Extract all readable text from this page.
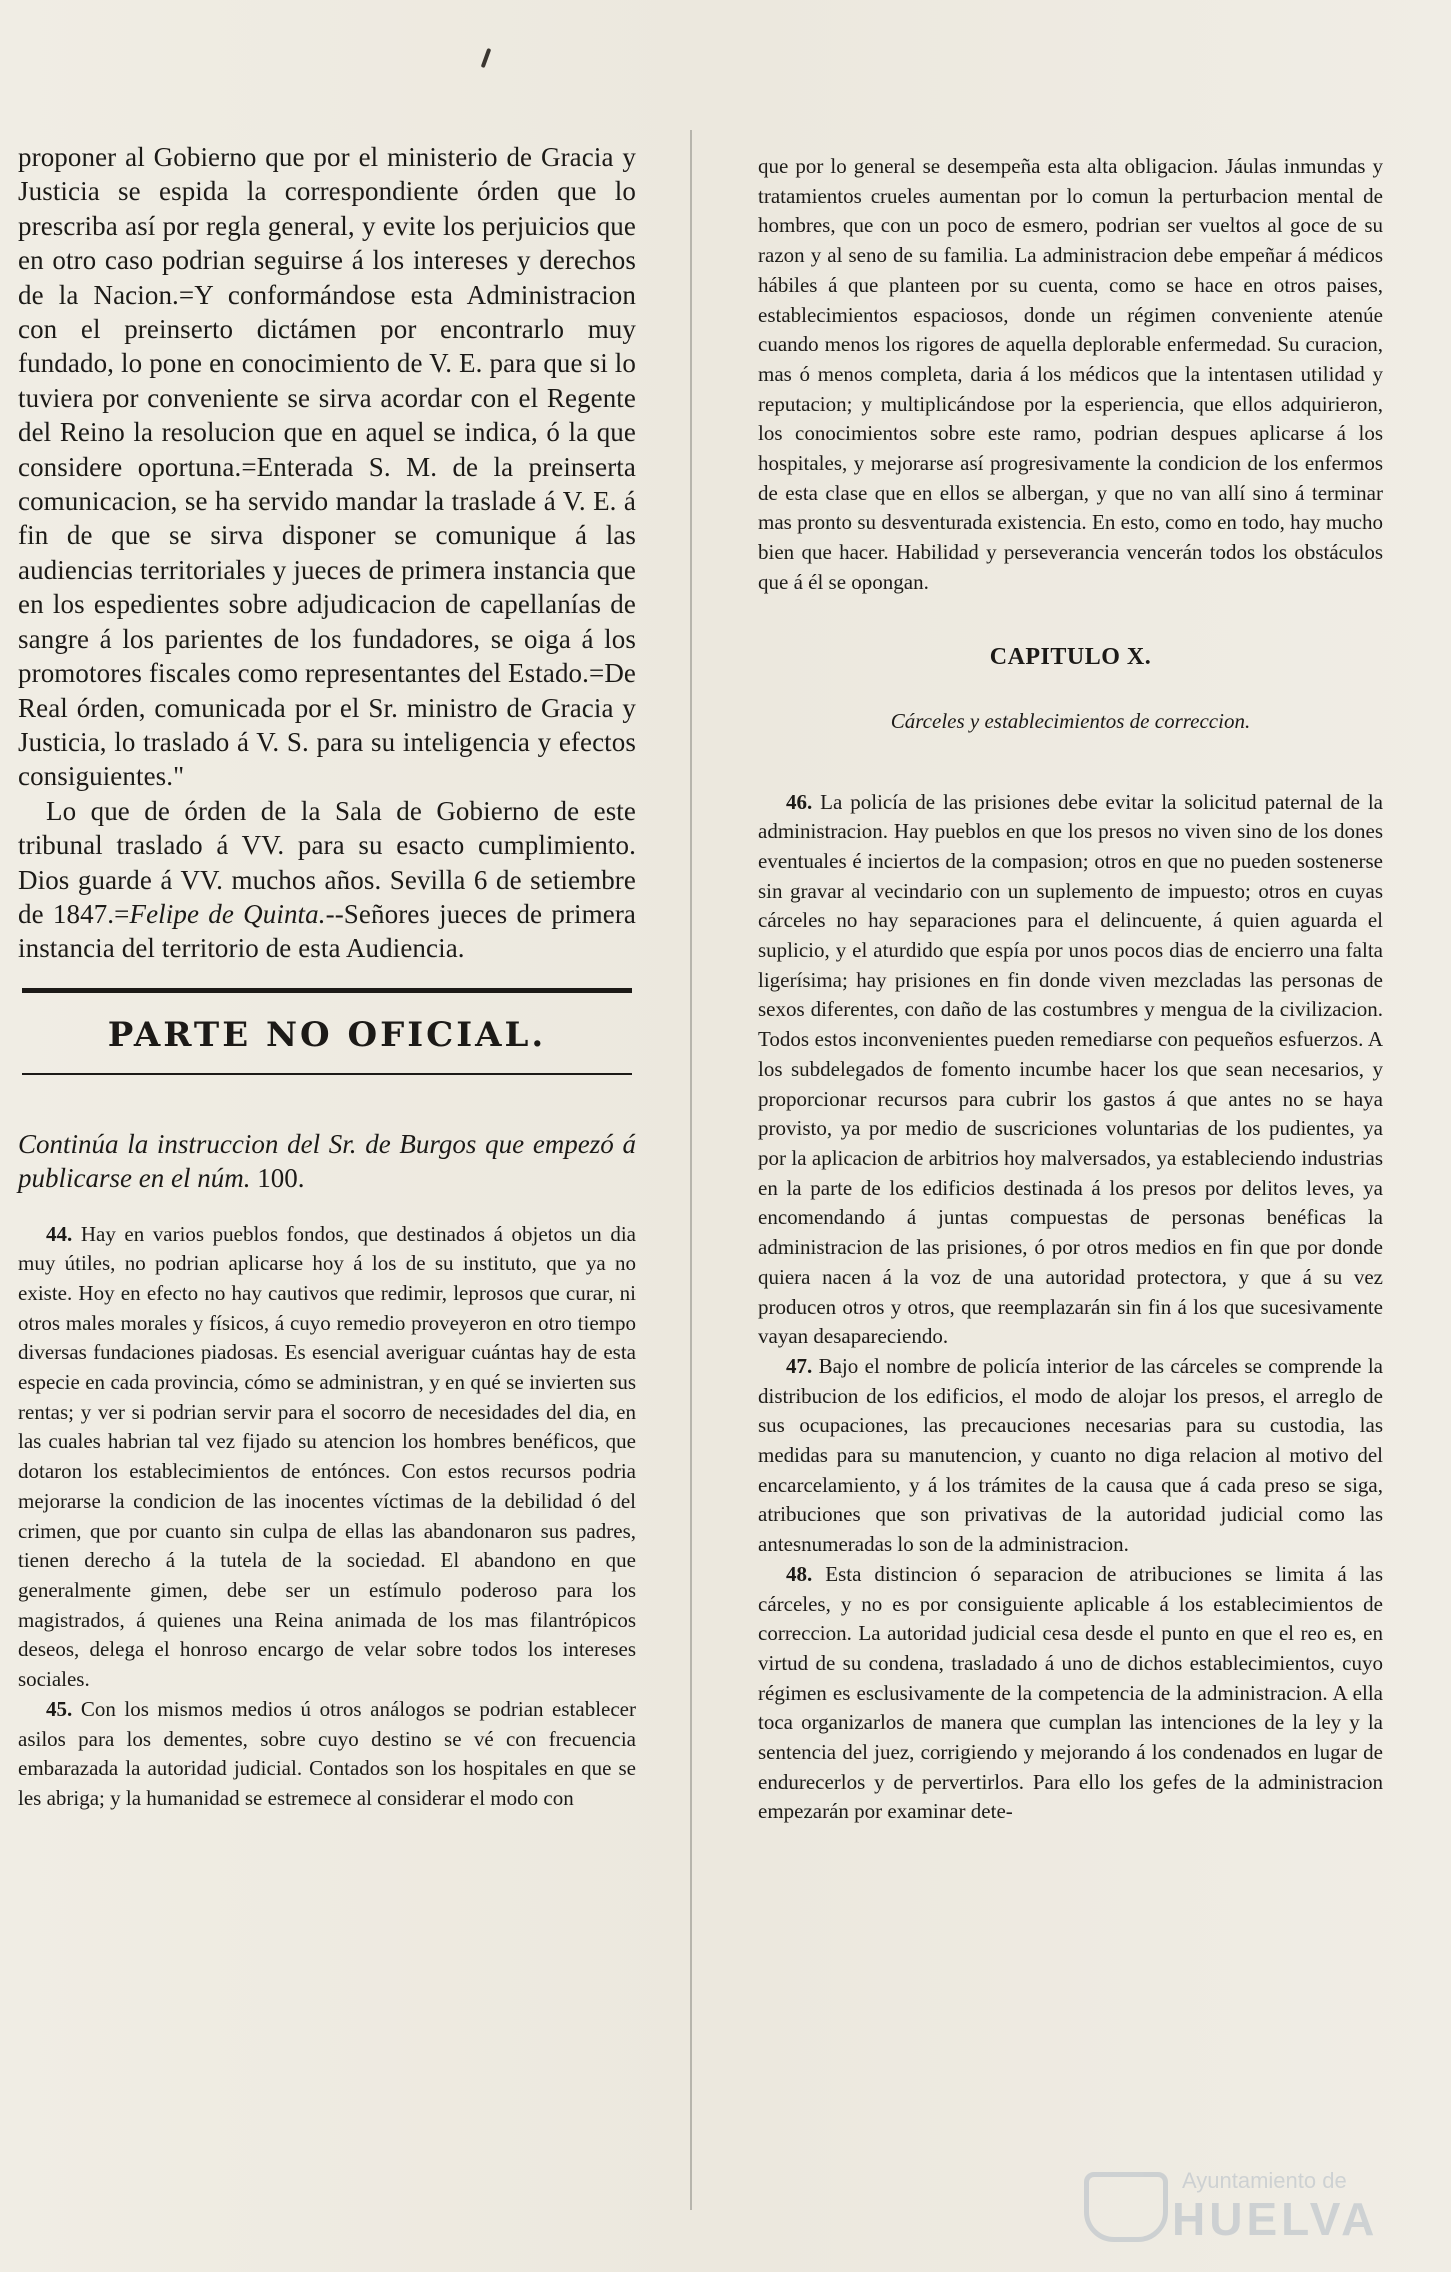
proponer al Gobierno que por el ministerio de Gracia y Justicia se espida la correspondiente órden que lo prescriba así por regla general, y evite los perjuicios que en otro caso podrian seguirse á los intereses y derechos de la Nacion.=Y conformándose esta Administracion con el preinserto dictámen por encontrarlo muy fundado, lo pone en conocimiento de V. E. para que si lo tuviera por conveniente se sirva acordar con el Regente del Reino la resolucion que en aquel se indica, ó la que considere oportuna.=Enterada S. M. de la preinserta comunicacion, se ha servido mandar la traslade á V. E. á fin de que se sirva disponer se comunique á las audiencias territoriales y jueces de primera instancia que en los espedientes sobre adjudicacion de capellanías de sangre á los parientes de los fundadores, se oiga á los promotores fiscales como representantes del Estado.=De Real órden, comunicada por el Sr. ministro de Gracia y Justicia, lo traslado á V. S. para su inteligencia y efectos consiguientes."

Lo que de órden de la Sala de Gobierno de este tribunal traslado á VV. para su esacto cumplimiento. Dios guarde á VV. muchos años. Sevilla 6 de setiembre de 1847.=Felipe de Quinta.--Señores jueces de primera instancia del territorio de esta Audiencia.

PARTE NO OFICIAL.

Continúa la instruccion del Sr. de Burgos que empezó á publicarse en el núm. 100.

44. Hay en varios pueblos fondos, que destinados á objetos un dia muy útiles, no podrian aplicarse hoy á los de su instituto, que ya no existe. Hoy en efecto no hay cautivos que redimir, leprosos que curar, ni otros males morales y físicos, á cuyo remedio proveyeron en otro tiempo diversas fundaciones piadosas. Es esencial averiguar cuántas hay de esta especie en cada provincia, cómo se administran, y en qué se invierten sus rentas; y ver si podrian servir para el socorro de necesidades del dia, en las cuales habrian tal vez fijado su atencion los hombres benéficos, que dotaron los establecimientos de entónces. Con estos recursos podria mejorarse la condicion de las inocentes víctimas de la debilidad ó del crimen, que por cuanto sin culpa de ellas las abandonaron sus padres, tienen derecho á la tutela de la sociedad. El abandono en que generalmente gimen, debe ser un estímulo poderoso para los magistrados, á quienes una Reina animada de los mas filantrópicos deseos, delega el honroso encargo de velar sobre todos los intereses sociales.

45. Con los mismos medios ú otros análogos se podrian establecer asilos para los dementes, sobre cuyo destino se vé con frecuencia embarazada la autoridad judicial. Contados son los hospitales en que se les abriga; y la humanidad se estremece al considerar el modo con

que por lo general se desempeña esta alta obligacion. Jáulas inmundas y tratamientos crueles aumentan por lo comun la perturbacion mental de hombres, que con un poco de esmero, podrian ser vueltos al goce de su razon y al seno de su familia. La administracion debe empeñar á médicos hábiles á que planteen por su cuenta, como se hace en otros paises, establecimientos espaciosos, donde un régimen conveniente atenúe cuando menos los rigores de aquella deplorable enfermedad. Su curacion, mas ó menos completa, daria á los médicos que la intentasen utilidad y reputacion; y multiplicándose por la esperiencia, que ellos adquirieron, los conocimientos sobre este ramo, podrian despues aplicarse á los hospitales, y mejorarse así progresivamente la condicion de los enfermos de esta clase que en ellos se albergan, y que no van allí sino á terminar mas pronto su desventurada existencia. En esto, como en todo, hay mucho bien que hacer. Habilidad y perseverancia vencerán todos los obstáculos que á él se opongan.

CAPITULO X.
Cárceles y establecimientos de correccion.

46. La policía de las prisiones debe evitar la solicitud paternal de la administracion. Hay pueblos en que los presos no viven sino de los dones eventuales é inciertos de la compasion; otros en que no pueden sostenerse sin gravar al vecindario con un suplemento de impuesto; otros en cuyas cárceles no hay separaciones para el delincuente, á quien aguarda el suplicio, y el aturdido que espía por unos pocos dias de encierro una falta ligerísima; hay prisiones en fin donde viven mezcladas las personas de sexos diferentes, con daño de las costumbres y mengua de la civilizacion. Todos estos inconvenientes pueden remediarse con pequeños esfuerzos. A los subdelegados de fomento incumbe hacer los que sean necesarios, y proporcionar recursos para cubrir los gastos á que antes no se haya provisto, ya por medio de suscriciones voluntarias de los pudientes, ya por la aplicacion de arbitrios hoy malversados, ya estableciendo industrias en la parte de los edificios destinada á los presos por delitos leves, ya encomendando á juntas compuestas de personas benéficas la administracion de las prisiones, ó por otros medios en fin que por donde quiera nacen á la voz de una autoridad protectora, y que á su vez producen otros y otros, que reemplazarán sin fin á los que sucesivamente vayan desapareciendo.

47. Bajo el nombre de policía interior de las cárceles se comprende la distribucion de los edificios, el modo de alojar los presos, el arreglo de sus ocupaciones, las precauciones necesarias para su custodia, las medidas para su manutencion, y cuanto no diga relacion al motivo del encarcelamiento, y á los trámites de la causa que á cada preso se siga, atribuciones que son privativas de la autoridad judicial como las antesnumeradas lo son de la administracion.

48. Esta distincion ó separacion de atribuciones se limita á las cárceles, y no es por consiguiente aplicable á los establecimientos de correccion. La autoridad judicial cesa desde el punto en que el reo es, en virtud de su condena, trasladado á uno de dichos establecimientos, cuyo régimen es esclusivamente de la competencia de la administracion. A ella toca organizarlos de manera que cumplan las intenciones de la ley y la sentencia del juez, corrigiendo y mejorando á los condenados en lugar de endurecerlos y de pervertirlos. Para ello los gefes de la administracion empezarán por examinar dete-

Ayuntamiento de
HUELVA
